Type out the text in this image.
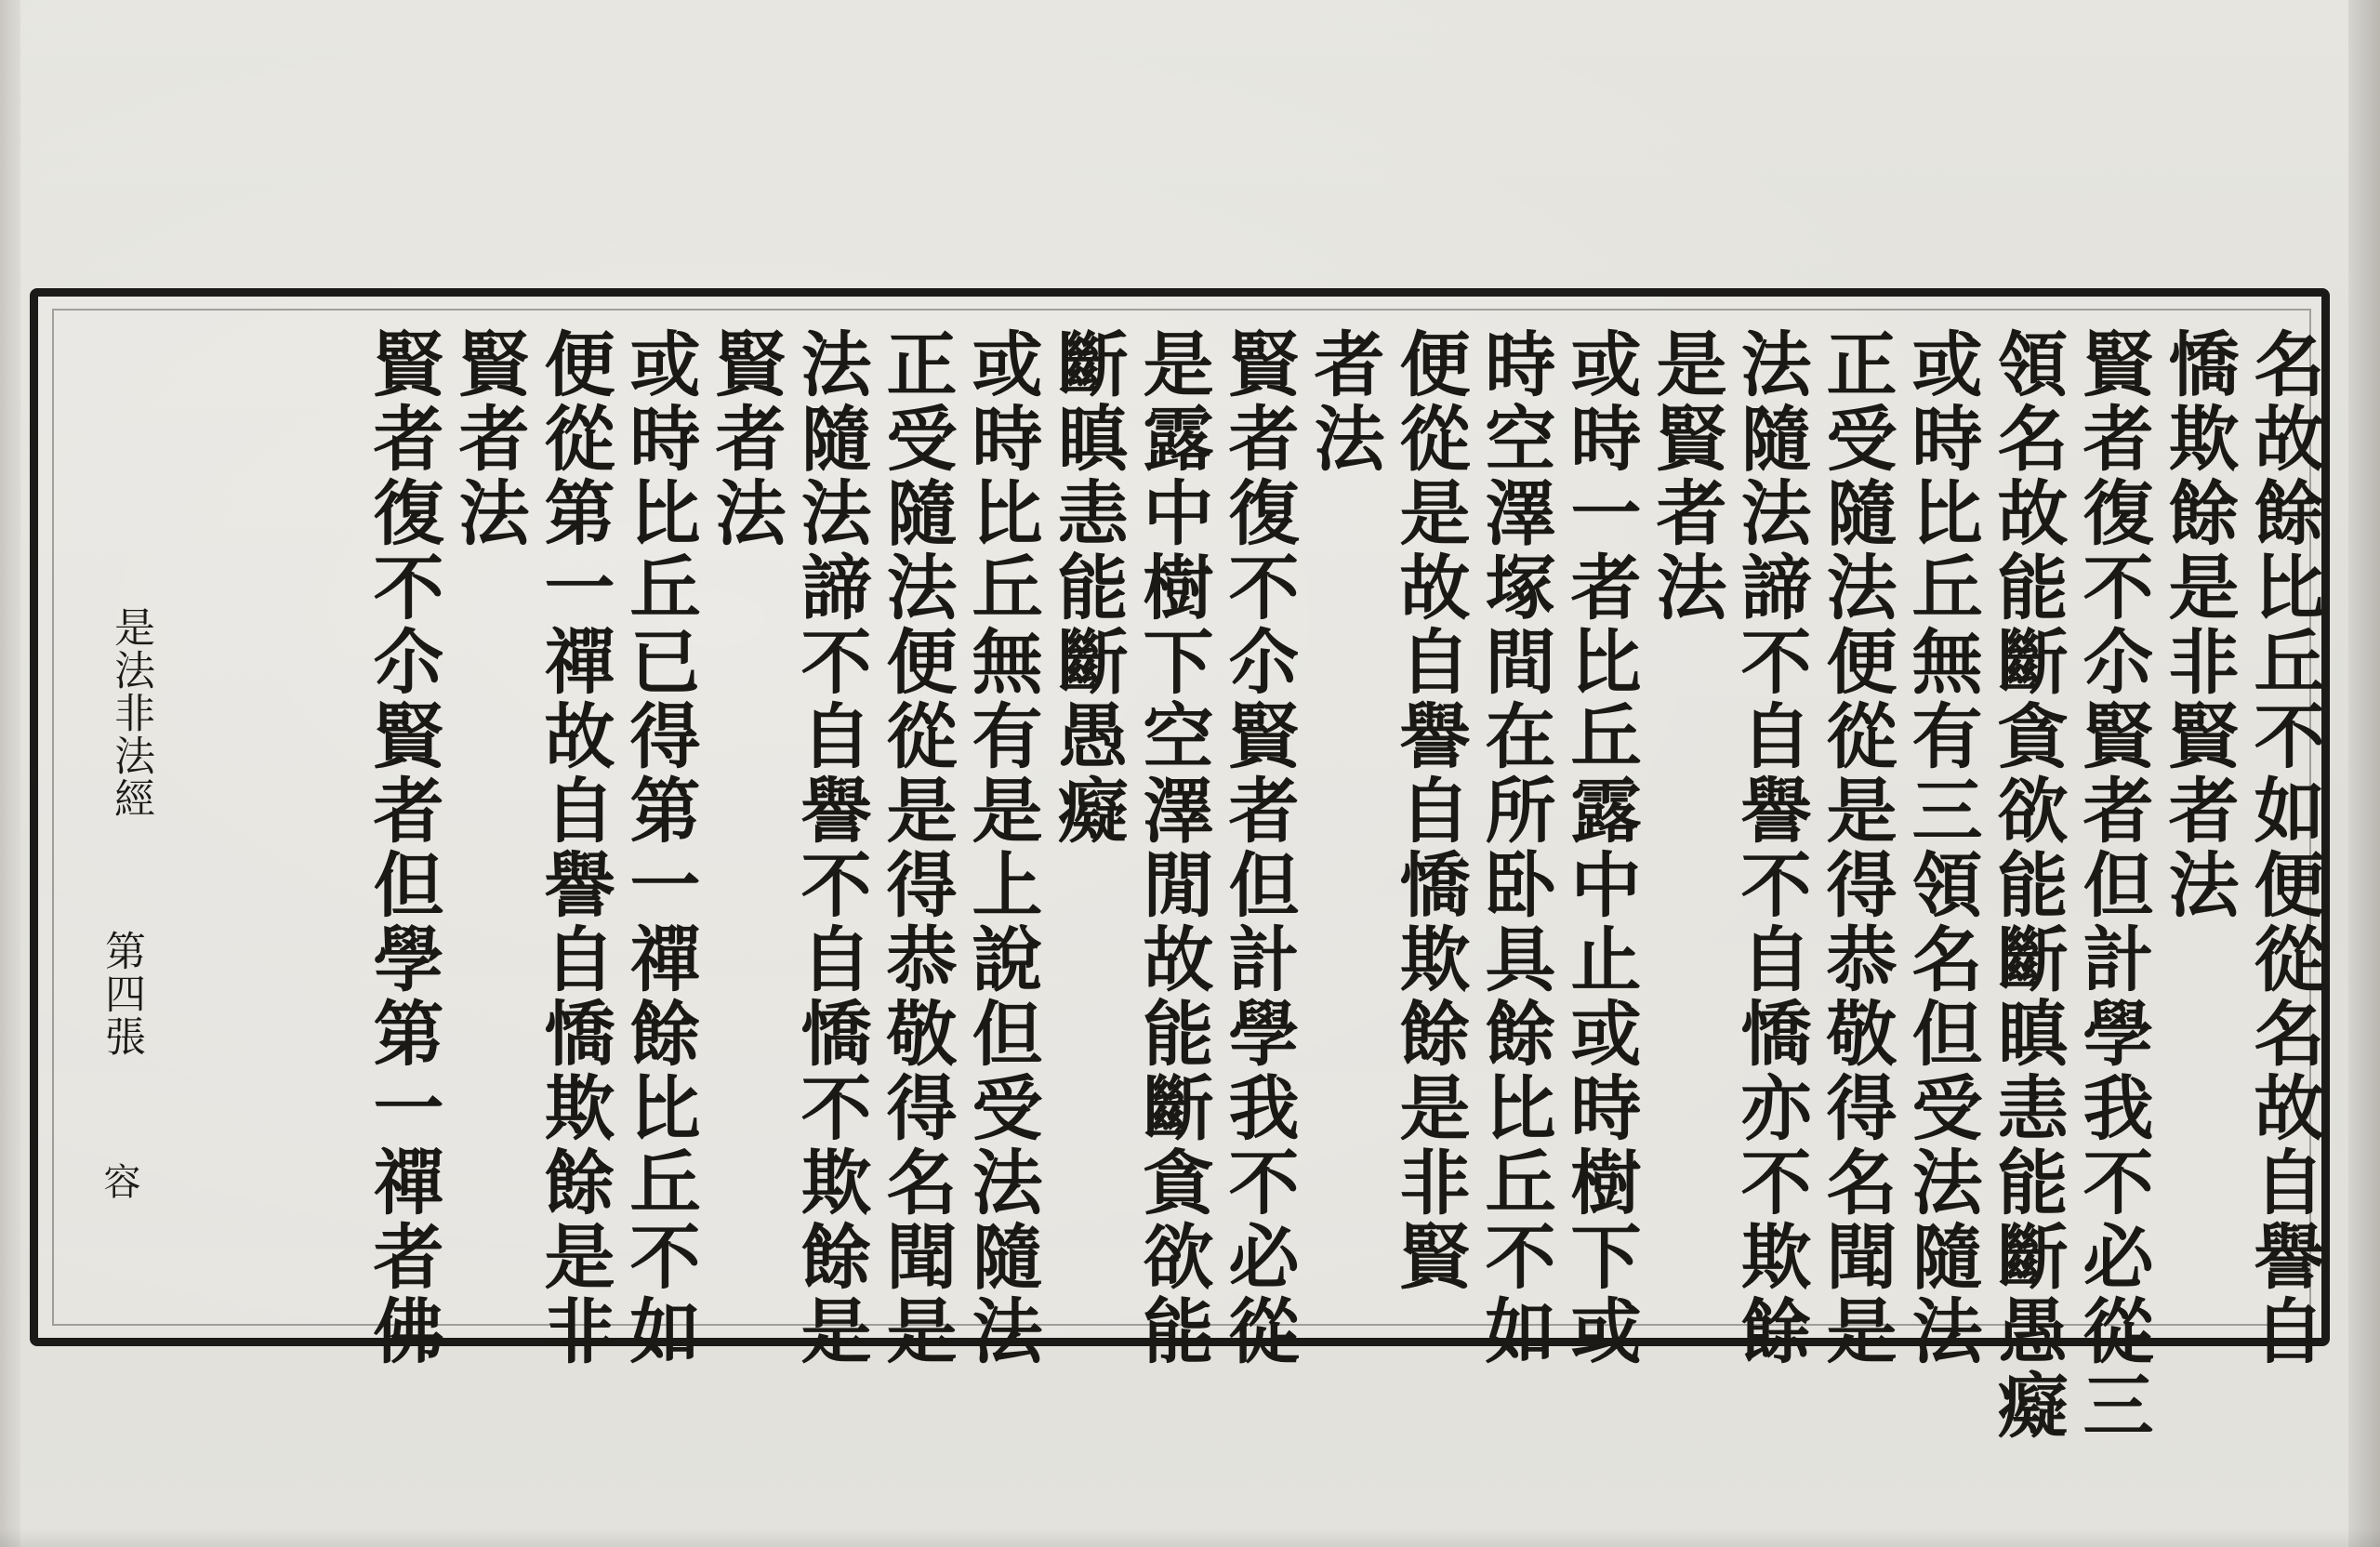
名故餘比丘不如便從名故自譽自
憍欺餘是非賢者法
賢者復不尒賢者但計學我不必從三
領名故能斷貪欲能斷瞋恚能斷愚癡
或時比丘無有三領名但受法隨法
正受隨法便從是得恭敬得名聞是
法隨法諦不自譽不自憍亦不欺餘
是賢者法
或時一者比丘露中止或時樹下或
時空澤塚間在所卧具餘比丘不如
便從是故自譽自憍欺餘是非賢
者法
賢者復不尒賢者但計學我不必從
是露中樹下空澤閒故能斷貪欲能
斷瞋恚能斷愚癡
或時比丘無有是上說但受法隨法
正受隨法便從是得恭敬得名聞是
法隨法諦不自譽不自憍不欺餘是
賢者法
或時比丘已得第一禪餘比丘不如
便從第一禪故自譽自憍欺餘是非
賢者法
賢者復不尒賢者但學第一禪者佛
是法非法經
第四張
容
